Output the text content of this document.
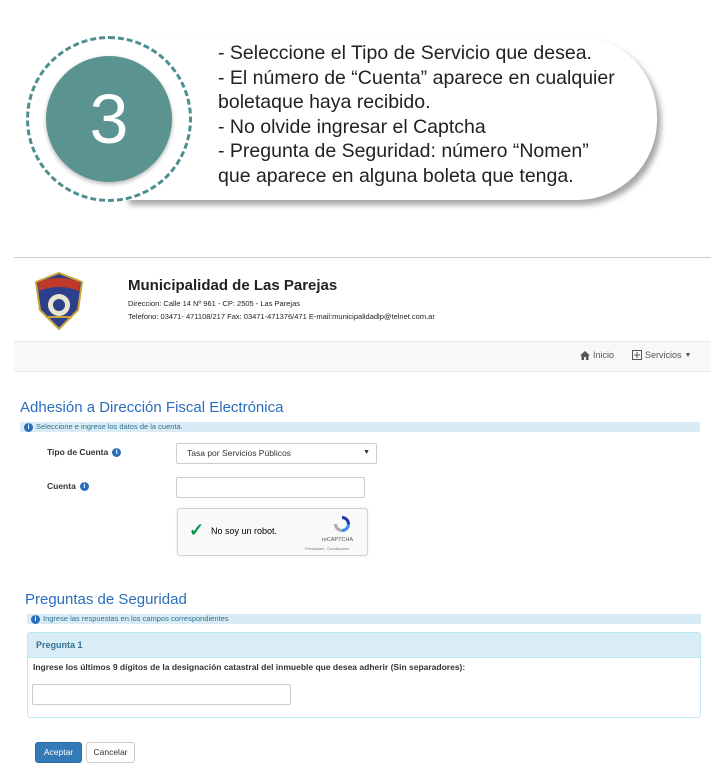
3
- Seleccione el Tipo de Servicio que desea.
- El número de “Cuenta” aparece en cualquier
boletaque haya recibido.
- No olvide ingresar el Captcha
- Pregunta de Seguridad: número “Nomen”
que aparece en alguna boleta que tenga.
Municipalidad de Las Parejas
Direccion: Calle 14 Nº 961 - CP: 2505 - Las Parejas
Telefono: 03471- 471108/217 Fax: 03471-471376/471 E-mail:municipalidadlp@telnet.com.ar
Inicio	Servicios ▼
Adhesión a Dirección Fiscal Electrónica
i Seleccione e ingrese los datos de la cuenta.
Tipo de Cuenta	i	Tasa por Servicios Públicos	▼
Cuenta	i
✓ No soy un robot.
reCAPTCHA
Privacidad - Condiciones
Preguntas de Seguridad
i Ingrese las respuestas en los campos correspondientes
Pregunta 1
Ingrese los últimos 9 dígitos de la designación catastral del inmueble que desea adherir (Sin separadores):
Aceptar	Cancelar
